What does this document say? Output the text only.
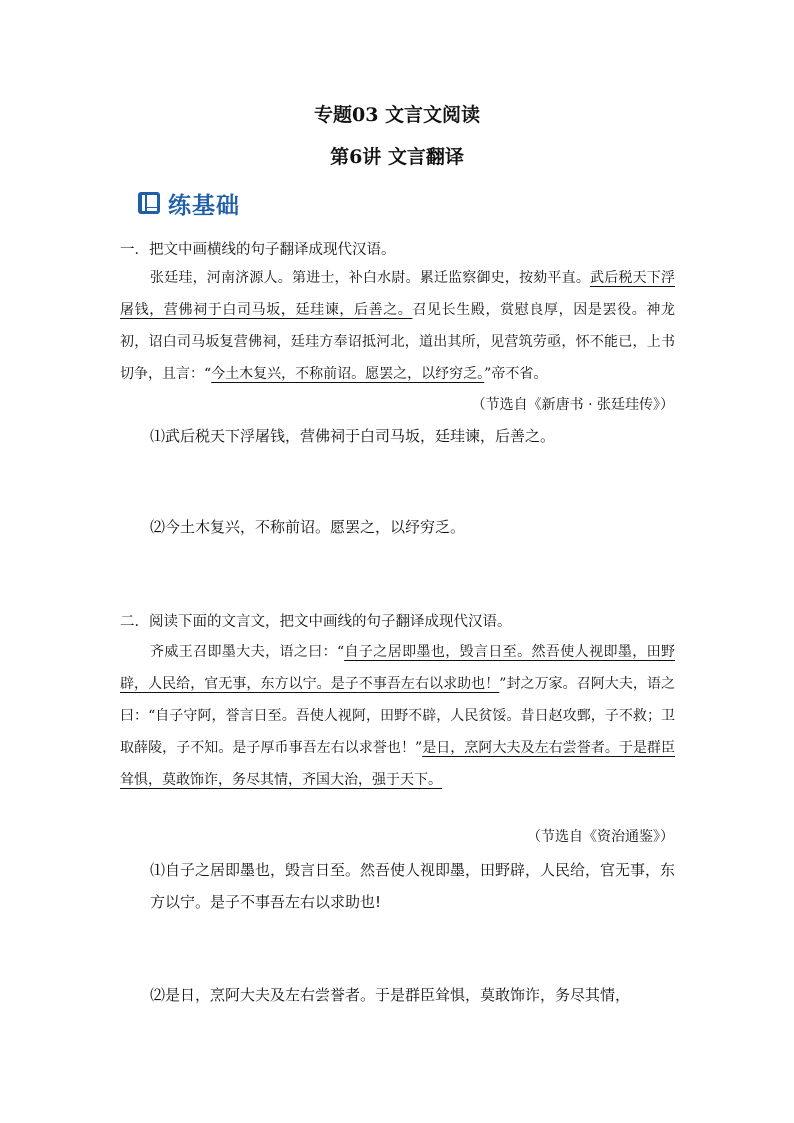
专题03 文言文阅读
第6讲 文言翻译
练基础
一．把文中画横线的句子翻译成现代汉语。
张廷珪，河南济源人。第进士，补白水尉。累迁监察御史，按劾平直。武后税天下浮屠钱，营佛祠于白司马坂，廷珪谏，后善之。召见长生殿，赏慰良厚，因是罢役。神龙初，诏白司马坂复营佛祠，廷珪方奉诏抵河北，道出其所，见营筑劳亟，怀不能已，上书切争，且言：“今土木复兴，不称前诏。愿罢之，以纾穷乏。”帝不省。
（节选自《新唐书 · 张廷珪传》）
⑴武后税天下浮屠钱，营佛祠于白司马坂，廷珪谏，后善之。
⑵今土木复兴，不称前诏。愿罢之，以纾穷乏。
二．阅读下面的文言文，把文中画线的句子翻译成现代汉语。
齐威王召即墨大夫，语之曰：“自子之居即墨也，毁言日至。然吾使人视即墨，田野辟，人民给，官无事，东方以宁。是子不事吾左右以求助也！”封之万家。召阿大夫，语之曰：“自子守阿，誉言日至。吾使人视阿，田野不辟，人民贫馁。昔日赵攻鄄，子不救；卫取薛陵，子不知。是子厚币事吾左右以求誉也！”是日，烹阿大夫及左右尝誉者。于是群臣耸惧，莫敢饰诈，务尽其情，齐国大治，强于天下。
（节选自《资治通鉴》）
⑴自子之居即墨也，毁言日至。然吾使人视即墨，田野辟，人民给，官无事，东方以宁。是子不事吾左右以求助也!
⑵是日，烹阿大夫及左右尝誉者。于是群臣耸惧，莫敢饰诈，务尽其情，
